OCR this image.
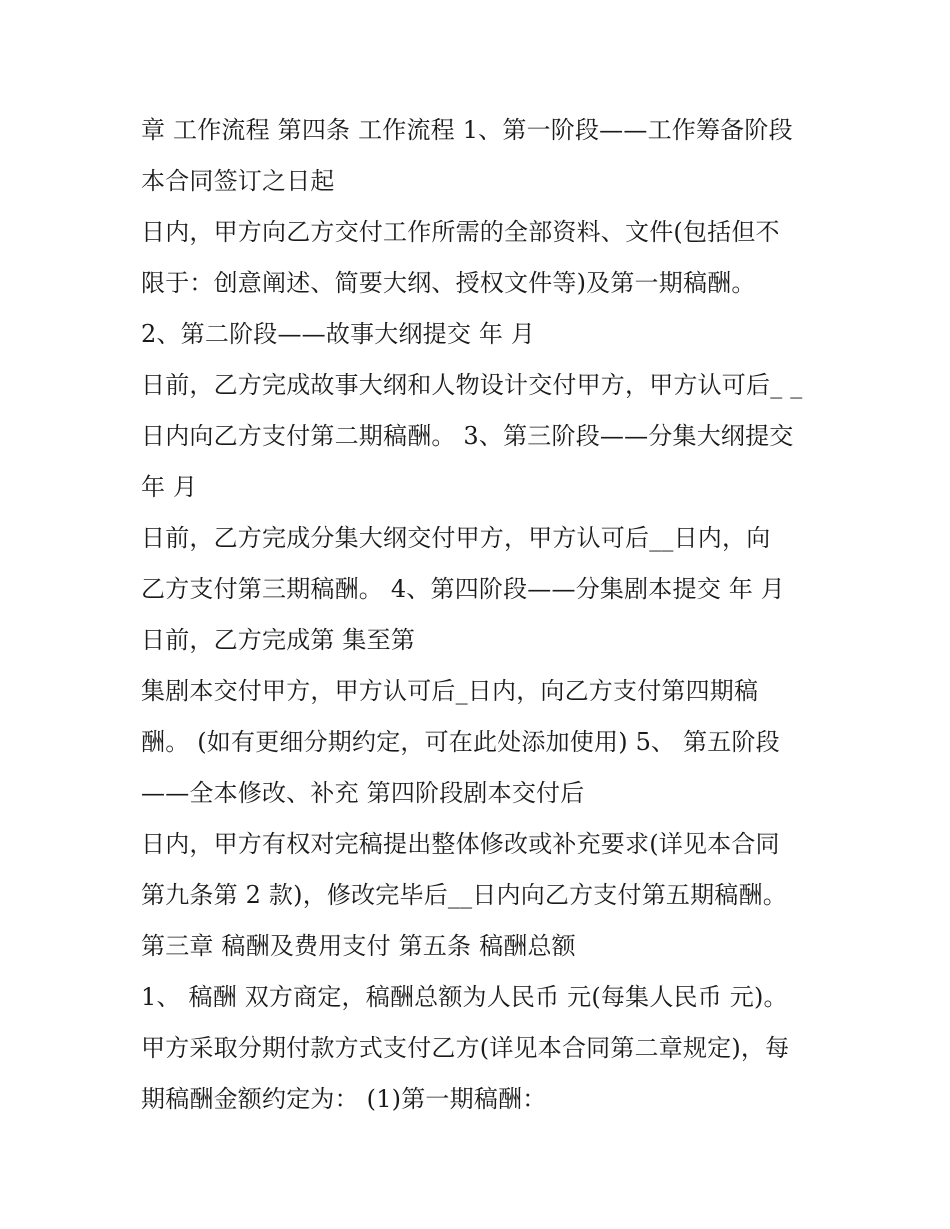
章 工作流程 第四条 工作流程 1、第一阶段——工作筹备阶段
本合同签订之日起
日内，甲方向乙方交付工作所需的全部资料、文件(包括但不
限于：创意阐述、简要大纲、授权文件等)及第一期稿酬。
2、第二阶段——故事大纲提交 年 月
日前，乙方完成故事大纲和人物设计交付甲方，甲方认可后_ _
日内向乙方支付第二期稿酬。 3、第三阶段——分集大纲提交
年 月
日前，乙方完成分集大纲交付甲方，甲方认可后__日内，向
乙方支付第三期稿酬。 4、第四阶段——分集剧本提交 年 月
日前，乙方完成第 集至第
集剧本交付甲方，甲方认可后_日内，向乙方支付第四期稿
酬。 (如有更细分期约定，可在此处添加使用) 5、 第五阶段
——全本修改、补充 第四阶段剧本交付后
日内，甲方有权对完稿提出整体修改或补充要求(详见本合同
第九条第 2 款)，修改完毕后__日内向乙方支付第五期稿酬。
第三章 稿酬及费用支付 第五条 稿酬总额
1、 稿酬 双方商定，稿酬总额为人民币 元(每集人民币 元)。
甲方采取分期付款方式支付乙方(详见本合同第二章规定)，每
期稿酬金额约定为： (1)第一期稿酬：
